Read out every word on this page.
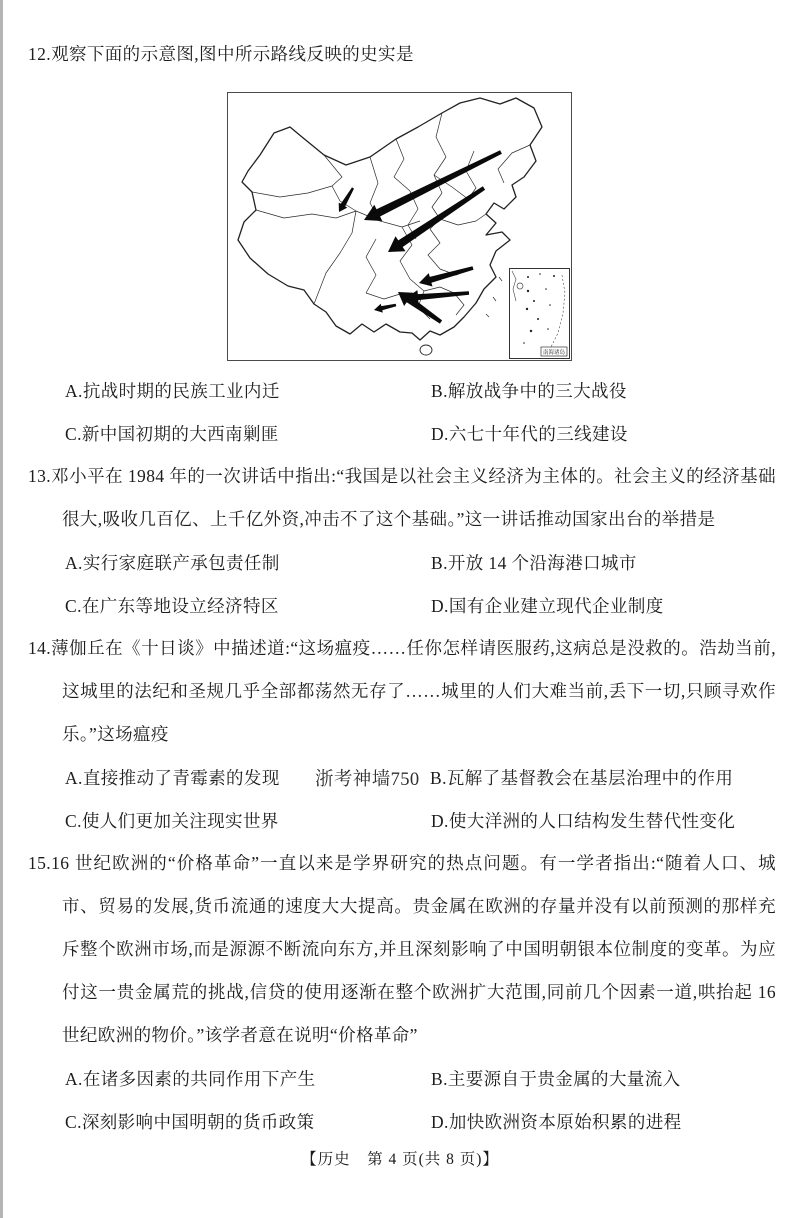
12.观察下面的示意图,图中所示路线反映的史实是

南海诸岛
A.抗战时期的民族工业内迁	B.解放战争中的三大战役
C.新中国初期的大西南剿匪	D.六七十年代的三线建设

13.邓小平在 1984 年的一次讲话中指出:“我国是以社会主义经济为主体的。社会主义的经济基础很大,吸收几百亿、上千亿外资,冲击不了这个基础。”这一讲话推动国家出台的举措是

A.实行家庭联产承包责任制	B.开放 14 个沿海港口城市
C.在广东等地设立经济特区	D.国有企业建立现代企业制度

14.薄伽丘在《十日谈》中描述道:“这场瘟疫……任你怎样请医服药,这病总是没救的。浩劫当前,这城里的法纪和圣规几乎全部都荡然无存了……城里的人们大难当前,丢下一切,只顾寻欢作乐。”这场瘟疫

A.直接推动了青霉素的发现	浙考神墙750 B.瓦解了基督教会在基层治理中的作用
C.使人们更加关注现实世界	D.使大洋洲的人口结构发生替代性变化

15.16 世纪欧洲的“价格革命”一直以来是学界研究的热点问题。有一学者指出:“随着人口、城市、贸易的发展,货币流通的速度大大提高。贵金属在欧洲的存量并没有以前预测的那样充斥整个欧洲市场,而是源源不断流向东方,并且深刻影响了中国明朝银本位制度的变革。为应付这一贵金属荒的挑战,信贷的使用逐渐在整个欧洲扩大范围,同前几个因素一道,哄抬起 16 世纪欧洲的物价。”该学者意在说明“价格革命”

A.在诸多因素的共同作用下产生	B.主要源自于贵金属的大量流入
C.深刻影响中国明朝的货币政策	D.加快欧洲资本原始积累的进程
【历史　第 4 页(共 8 页)】
